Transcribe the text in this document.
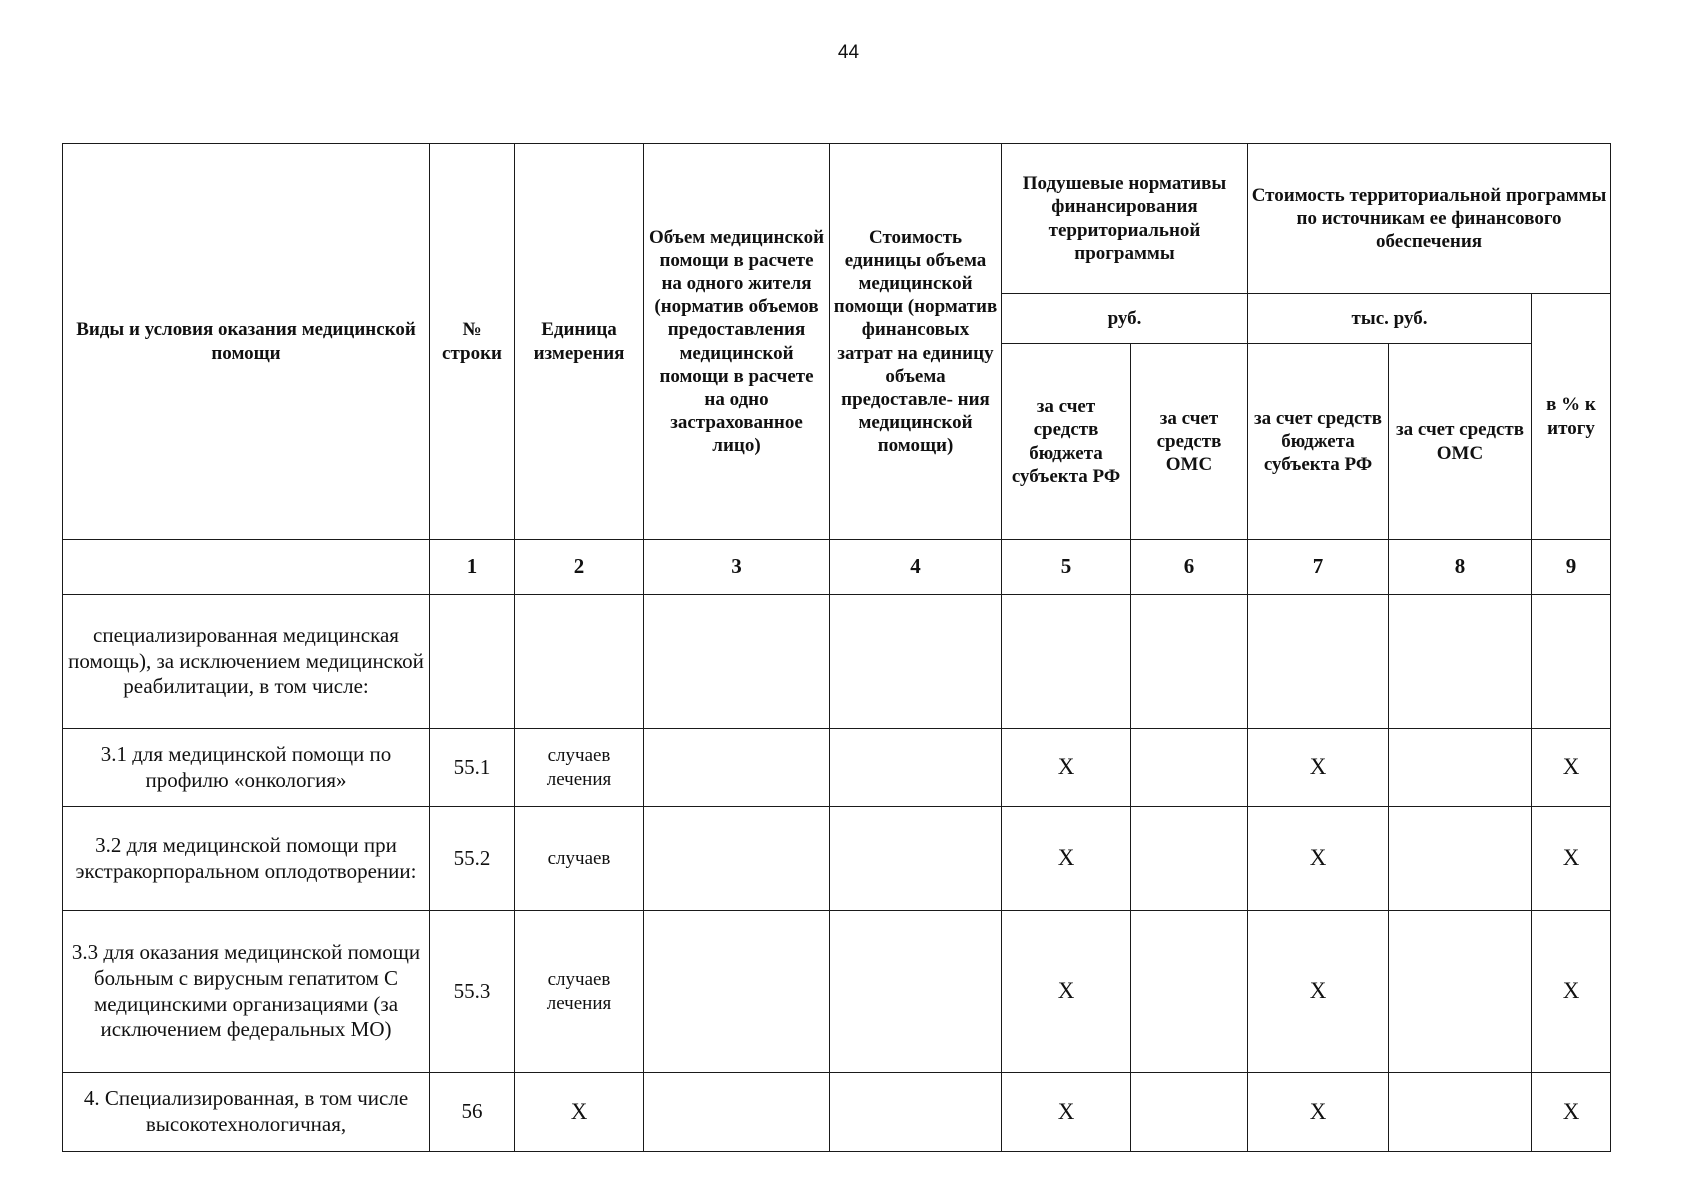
44
Виды и условия оказания медицинской помощи	№ строки	Единица измерения	Объем медицинской помощи в расчете на одного жителя (норматив объемов предоставления медицинской помощи в расчете на одно застрахованное лицо)	Стоимость единицы объема медицинской помощи (норматив финансовых затрат на единицу объема предоставле- ния медицинской помощи)	Подушевые нормативы финансирования территориальной программы		Стоимость территориальной программы по источникам ее финансового обеспечения		
					руб.		тыс. руб.		в % к итогу
					за счет средств бюджета субъекта РФ	за счет средств ОМС	за счет средств бюджета субъекта РФ	за счет средств ОМС	
	1	2	3	4	5	6	7	8	9
специализированная медицинская помощь), за исключением медицинской реабилитации, в том числе:									
3.1 для медицинской помощи по профилю «онкология»	55.1	случаев лечения			X		X		X
3.2 для медицинской помощи при экстракорпоральном оплодотворении:	55.2	случаев			X		X		X
3.3 для оказания медицинской помощи больным с вирусным гепатитом С медицинскими организациями (за исключением федеральных МО)	55.3	случаев лечения			X		X		X
4. Специализированная, в том числе высокотехнологичная,	56	X			X		X		X
